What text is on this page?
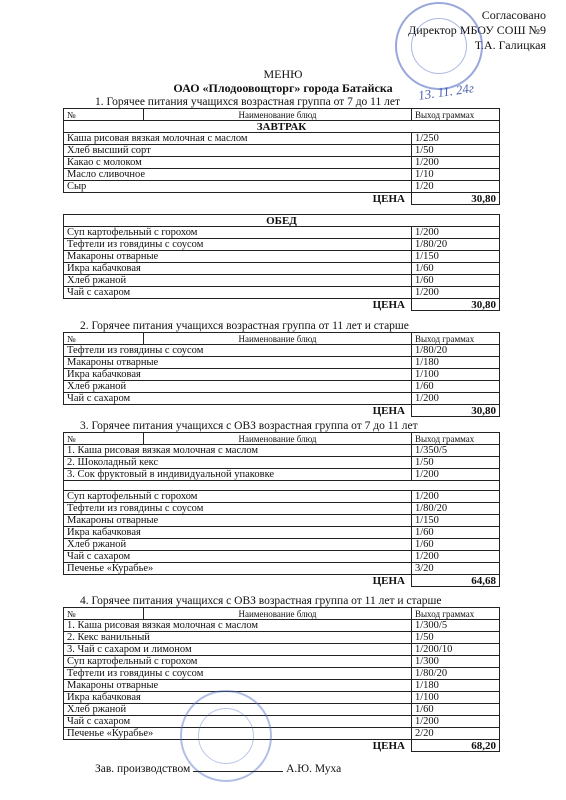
Согласовано
Директор МБОУ СОШ №9
Т.А. Галицкая
13. 11. 24г
МЕНЮ
ОАО «Плодоовощторг» города Батайска
1. Горячее питания учащихся возрастная группа от 7 до 11 лет
№	Наименование блюд	Выход граммах
ЗАВТРАК		
Каша рисовая вязкая молочная с маслом		1/250
Хлеб высший сорт		1/50
Какао с молоком		1/200
Масло сливочное		1/10
Сыр		1/20
ЦЕНА		30,80
ОБЕД	
Суп картофельный с горохом	1/200
Тефтели из говядины с соусом	1/80/20
Макароны отварные	1/150
Икра кабачковая	1/60
Хлеб ржаной	1/60
Чай с сахаром	1/200
ЦЕНА	30,80
2. Горячее питания учащихся возрастная группа от 11 лет и старше
№	Наименование блюд	Выход граммах
Тефтели из говядины с соусом		1/80/20
Макароны отварные		1/180
Икра кабачковая		1/100
Хлеб ржаной		1/60
Чай с сахаром		1/200
ЦЕНА		30,80
3. Горячее питания учащихся с ОВЗ возрастная группа от 7 до 11 лет
№	Наименование блюд	Выход граммах
1. Каша рисовая вязкая молочная с маслом		1/350/5
2. Шоколадный кекс		1/50
3. Сок фруктовый в индивидуальной упаковке		1/200

Суп картофельный с горохом		1/200
Тефтели из говядины с соусом		1/80/20
Макароны отварные		1/150
Икра кабачковая		1/60
Хлеб ржаной		1/60
Чай с сахаром		1/200
Печенье «Курабье»		3/20
ЦЕНА		64,68
4. Горячее питания учащихся с ОВЗ возрастная группа от 11 лет и старше
№	Наименование блюд	Выход граммах
1. Каша рисовая вязкая молочная с маслом		1/300/5
2. Кекс ванильный		1/50
3. Чай с сахаром и лимоном		1/200/10
Суп картофельный с горохом		1/300
Тефтели из говядины с соусом		1/80/20
Макароны отварные		1/180
Икра кабачковая		1/100
Хлеб ржаной		1/60
Чай с сахаром		1/200
Печенье «Курабье»		2/20
ЦЕНА		68,20
Зав. производством	А.Ю. Муха
